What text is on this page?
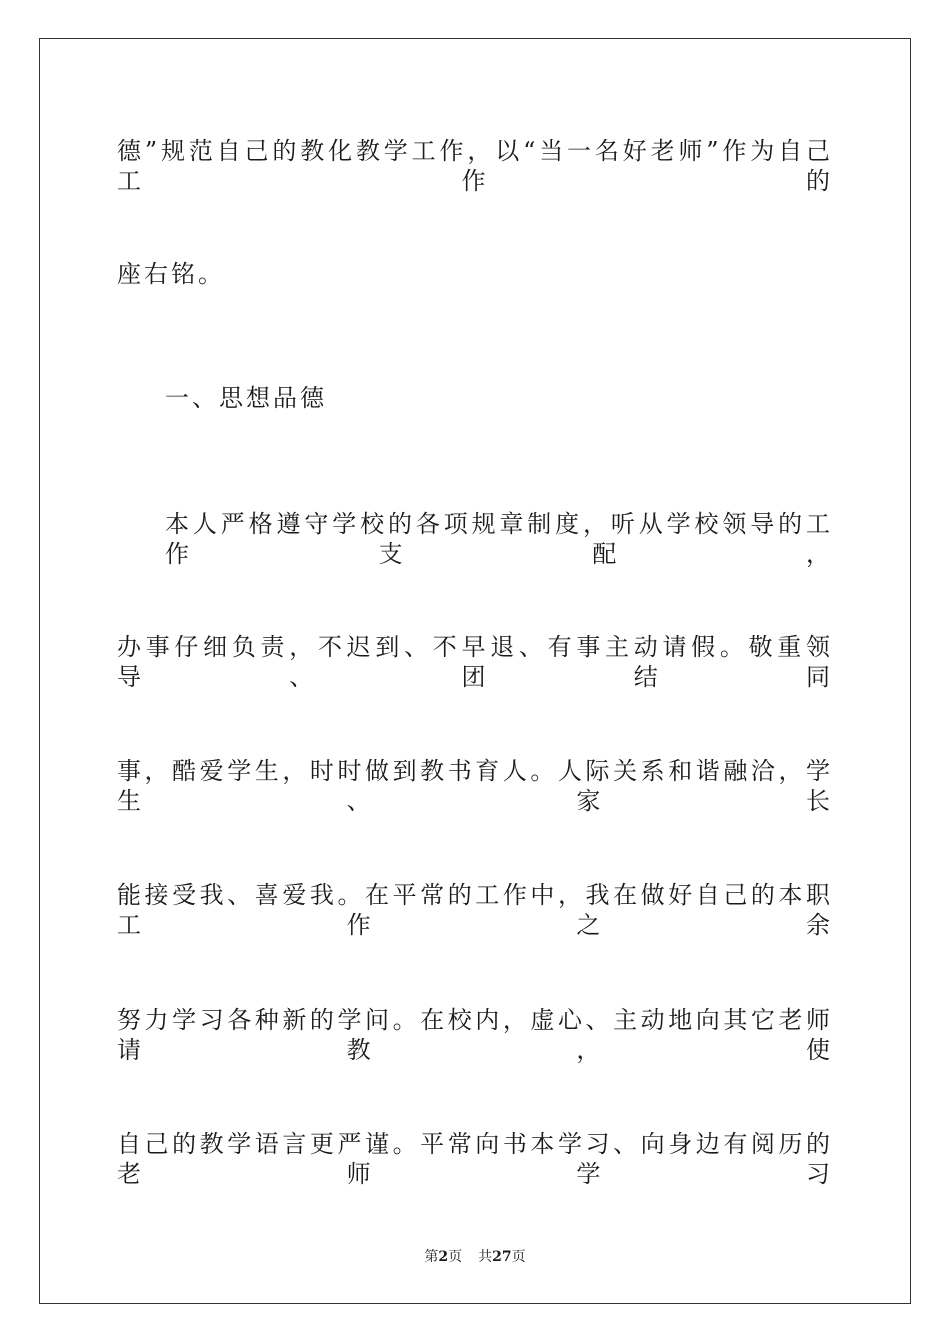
德”规范自己的教化教学工作，以“当一名好老师”作为自己工作的
座右铭。
一、思想品德
本人严格遵守学校的各项规章制度，听从学校领导的工作支配，
办事仔细负责，不迟到、不早退、有事主动请假。敬重领导、团结同
事，酷爱学生，时时做到教书育人。人际关系和谐融洽，学生、家长
能接受我、喜爱我。在平常的工作中，我在做好自己的本职工作之余
努力学习各种新的学问。在校内，虚心、主动地向其它老师请教，使
自己的教学语言更严谨。平常向书本学习、向身边有阅历的老师学习
第2页 共27页
